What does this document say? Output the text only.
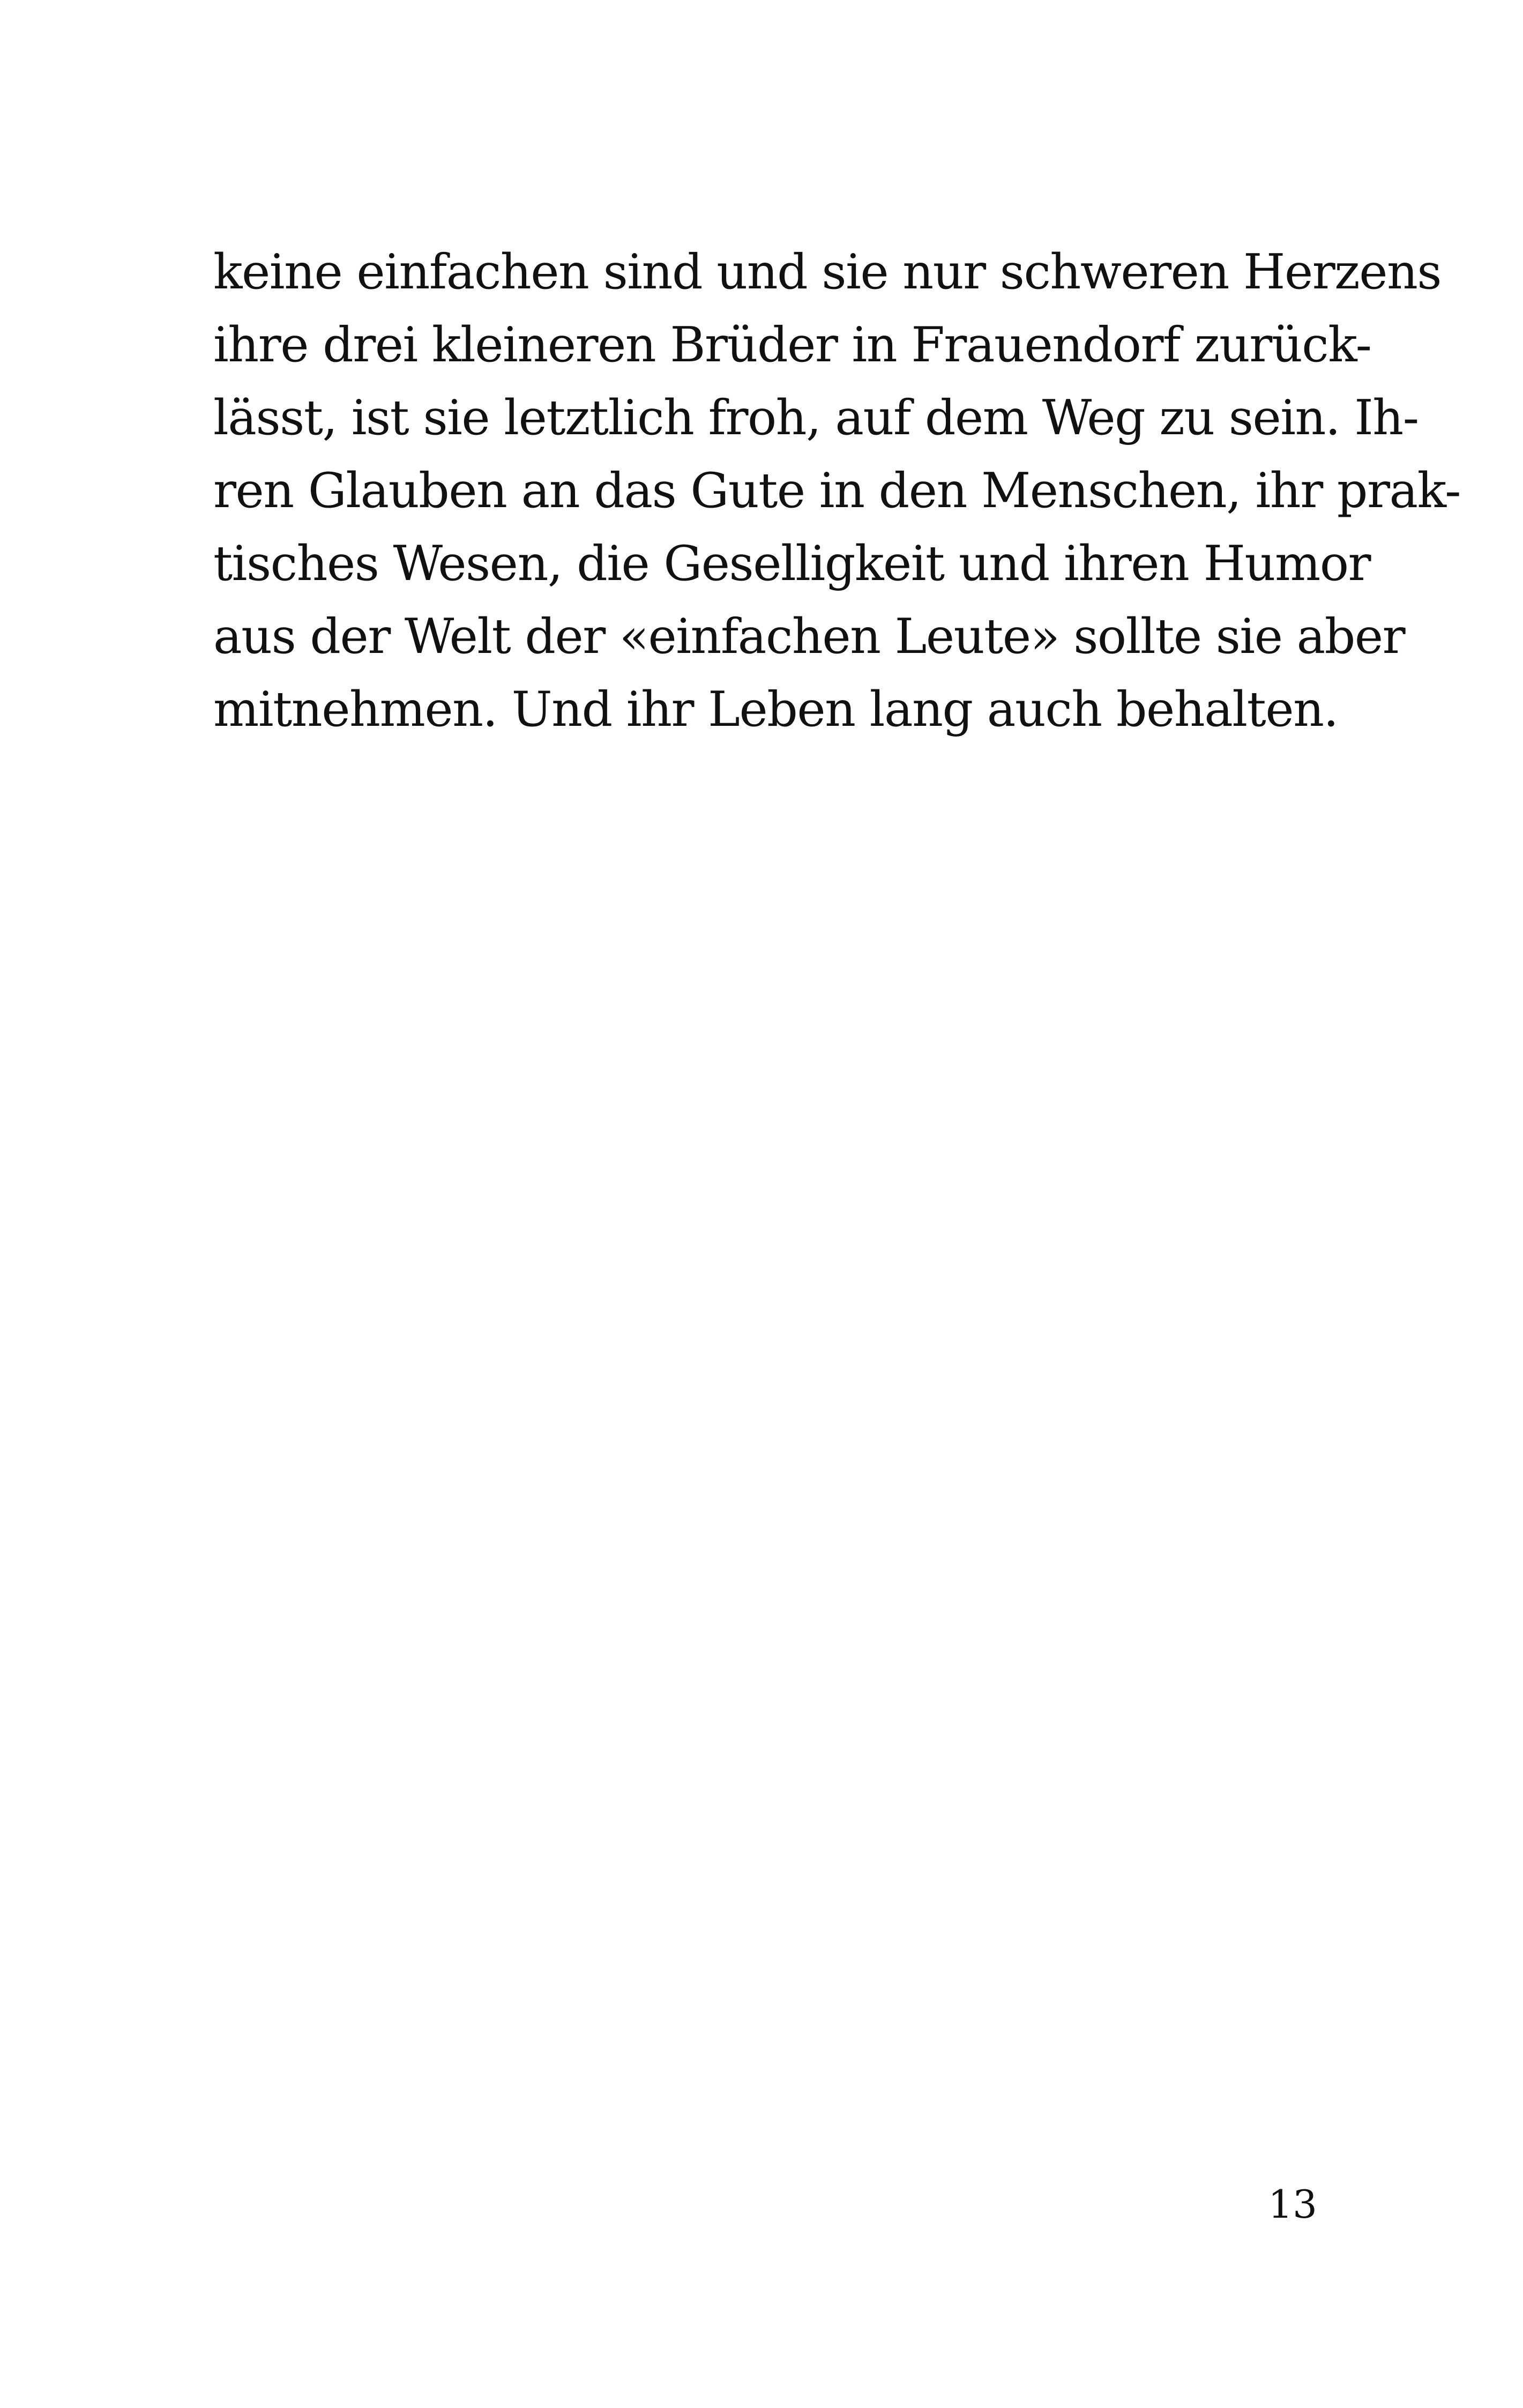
keine einfachen sind und sie nur schweren Herzens
ihre drei kleineren Brüder in Frauendorf zurück-
lässt, ist sie letztlich froh, auf dem Weg zu sein. Ih-
ren Glauben an das Gute in den Menschen, ihr prak-
tisches Wesen, die Geselligkeit und ihren Humor
aus der Welt der «einfachen Leute» sollte sie aber
mitnehmen. Und ihr Leben lang auch behalten.
13
